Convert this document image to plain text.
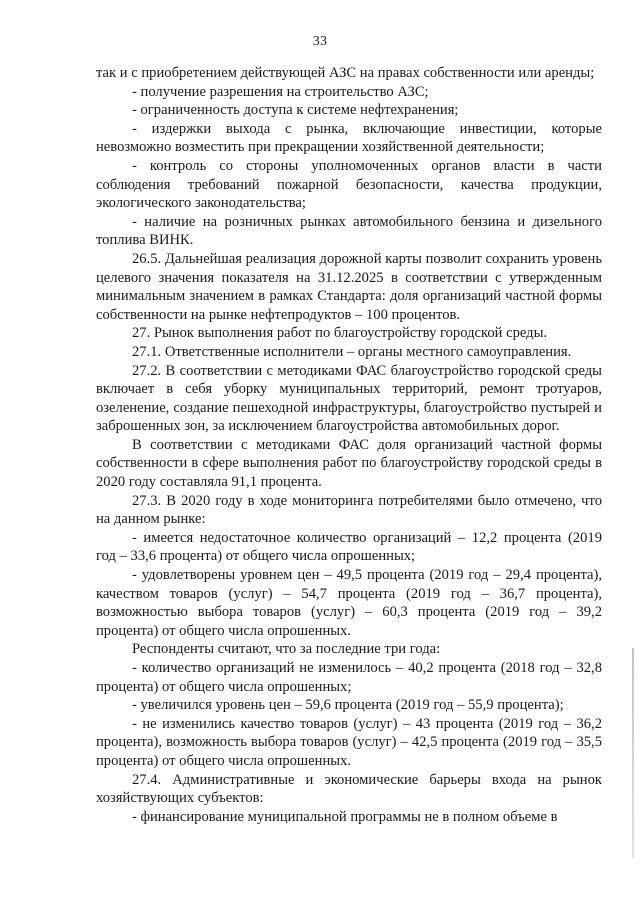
33

так и с приобретением действующей АЗС на правах собственности или аренды;

- получение разрешения на строительство АЗС;

- ограниченность доступа к системе нефтехранения;

- издержки выхода с рынка, включающие инвестиции, которые невозможно возместить при прекращении хозяйственной деятельности;

- контроль со стороны уполномоченных органов власти в части соблюдения требований пожарной безопасности, качества продукции, экологического законодательства;

- наличие на розничных рынках автомобильного бензина и дизельного топлива ВИНК.

26.5. Дальнейшая реализация дорожной карты позволит сохранить уровень целевого значения показателя на 31.12.2025 в соответствии с утвержденным минимальным значением в рамках Стандарта: доля организаций частной формы собственности на рынке нефтепродуктов – 100 процентов.

27. Рынок выполнения работ по благоустройству городской среды.

27.1. Ответственные исполнители – органы местного самоуправления.

27.2. В соответствии с методиками ФАС благоустройство городской среды включает в себя уборку муниципальных территорий, ремонт тротуаров, озеленение, создание пешеходной инфраструктуры, благоустройство пустырей и заброшенных зон, за исключением благоустройства автомобильных дорог.

В соответствии с методиками ФАС доля организаций частной формы собственности в сфере выполнения работ по благоустройству городской среды в 2020 году составляла 91,1 процента.

27.3. В 2020 году в ходе мониторинга потребителями было отмечено, что на данном рынке:

- имеется недостаточное количество организаций – 12,2 процента (2019 год – 33,6 процента) от общего числа опрошенных;

- удовлетворены уровнем цен – 49,5 процента (2019 год – 29,4 процента), качеством товаров (услуг) – 54,7 процента (2019 год – 36,7 процента), возможностью выбора товаров (услуг) – 60,3 процента (2019 год – 39,2 процента) от общего числа опрошенных.

Респонденты считают, что за последние три года:

- количество организаций не изменилось – 40,2 процента (2018 год – 32,8 процента) от общего числа опрошенных;

- увеличился уровень цен – 59,6 процента (2019 год – 55,9 процента);

- не изменились качество товаров (услуг) – 43 процента (2019 год – 36,2 процента), возможность выбора товаров (услуг) – 42,5 процента (2019 год – 35,5 процента) от общего числа опрошенных.

27.4. Административные и экономические барьеры входа на рынок хозяйствующих субъектов:

- финансирование муниципальной программы не в полном объеме в
